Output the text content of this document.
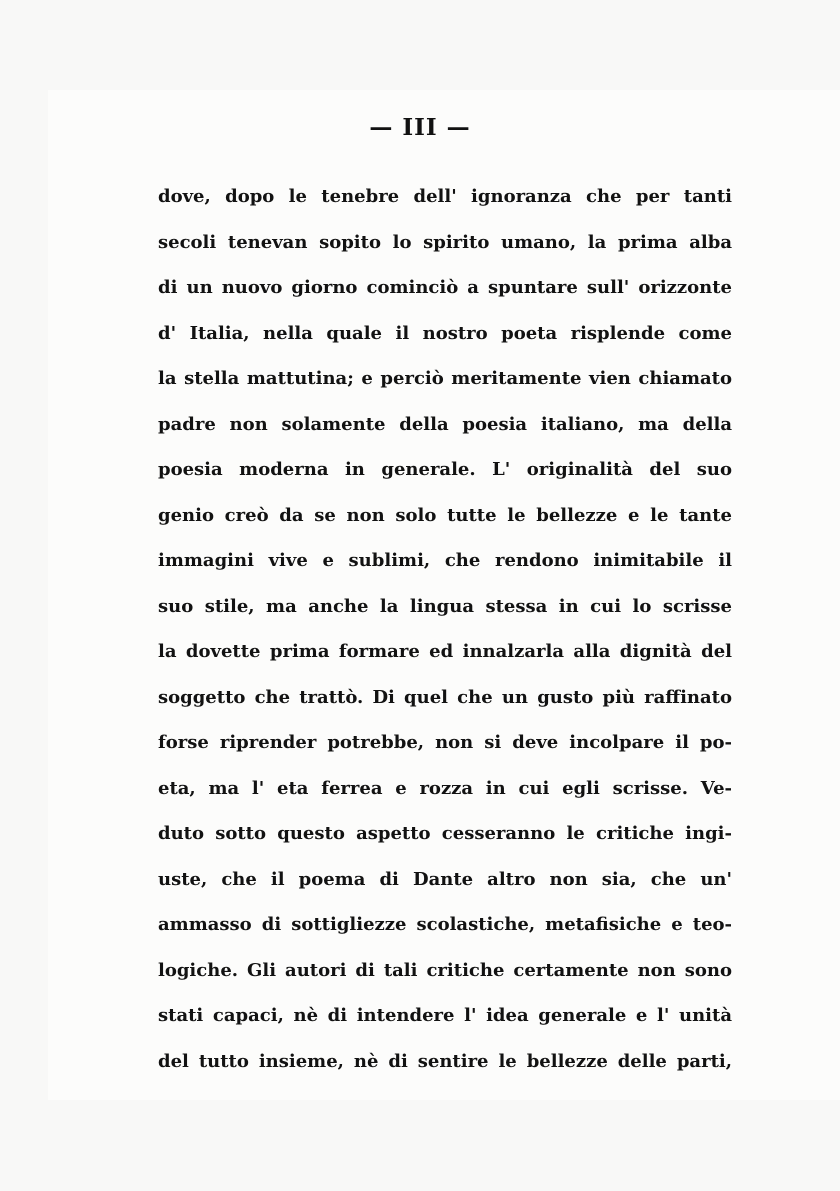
— III —
dove, dopo le tenebre dell' ignoranza che per tanti
secoli tenevan sopito lo spirito umano, la prima alba
di un nuovo giorno cominciò a spuntare sull' orizzonte
d' Italia, nella quale il nostro poeta risplende come
la stella mattutina; e perciò meritamente vien chiamato
padre non solamente della poesia italiano, ma della
poesia moderna in generale. L' originalità del suo
genio creò da se non solo tutte le bellezze e le tante
immagini vive e sublimi, che rendono inimitabile il
suo stile, ma anche la lingua stessa in cui lo scrisse
la dovette prima formare ed innalzarla alla dignità del
soggetto che trattò. Di quel che un gusto più raffinato
forse riprender potrebbe, non si deve incolpare il po-
eta, ma l' eta ferrea e rozza in cui egli scrisse. Ve-
duto sotto questo aspetto cesseranno le critiche ingi-
uste, che il poema di Dante altro non sia, che un'
ammasso di sottigliezze scolastiche, metafisiche e teo-
logiche. Gli autori di tali critiche certamente non sono
stati capaci, nè di intendere l' idea generale e l' unità
del tutto insieme, nè di sentire le bellezze delle parti,
